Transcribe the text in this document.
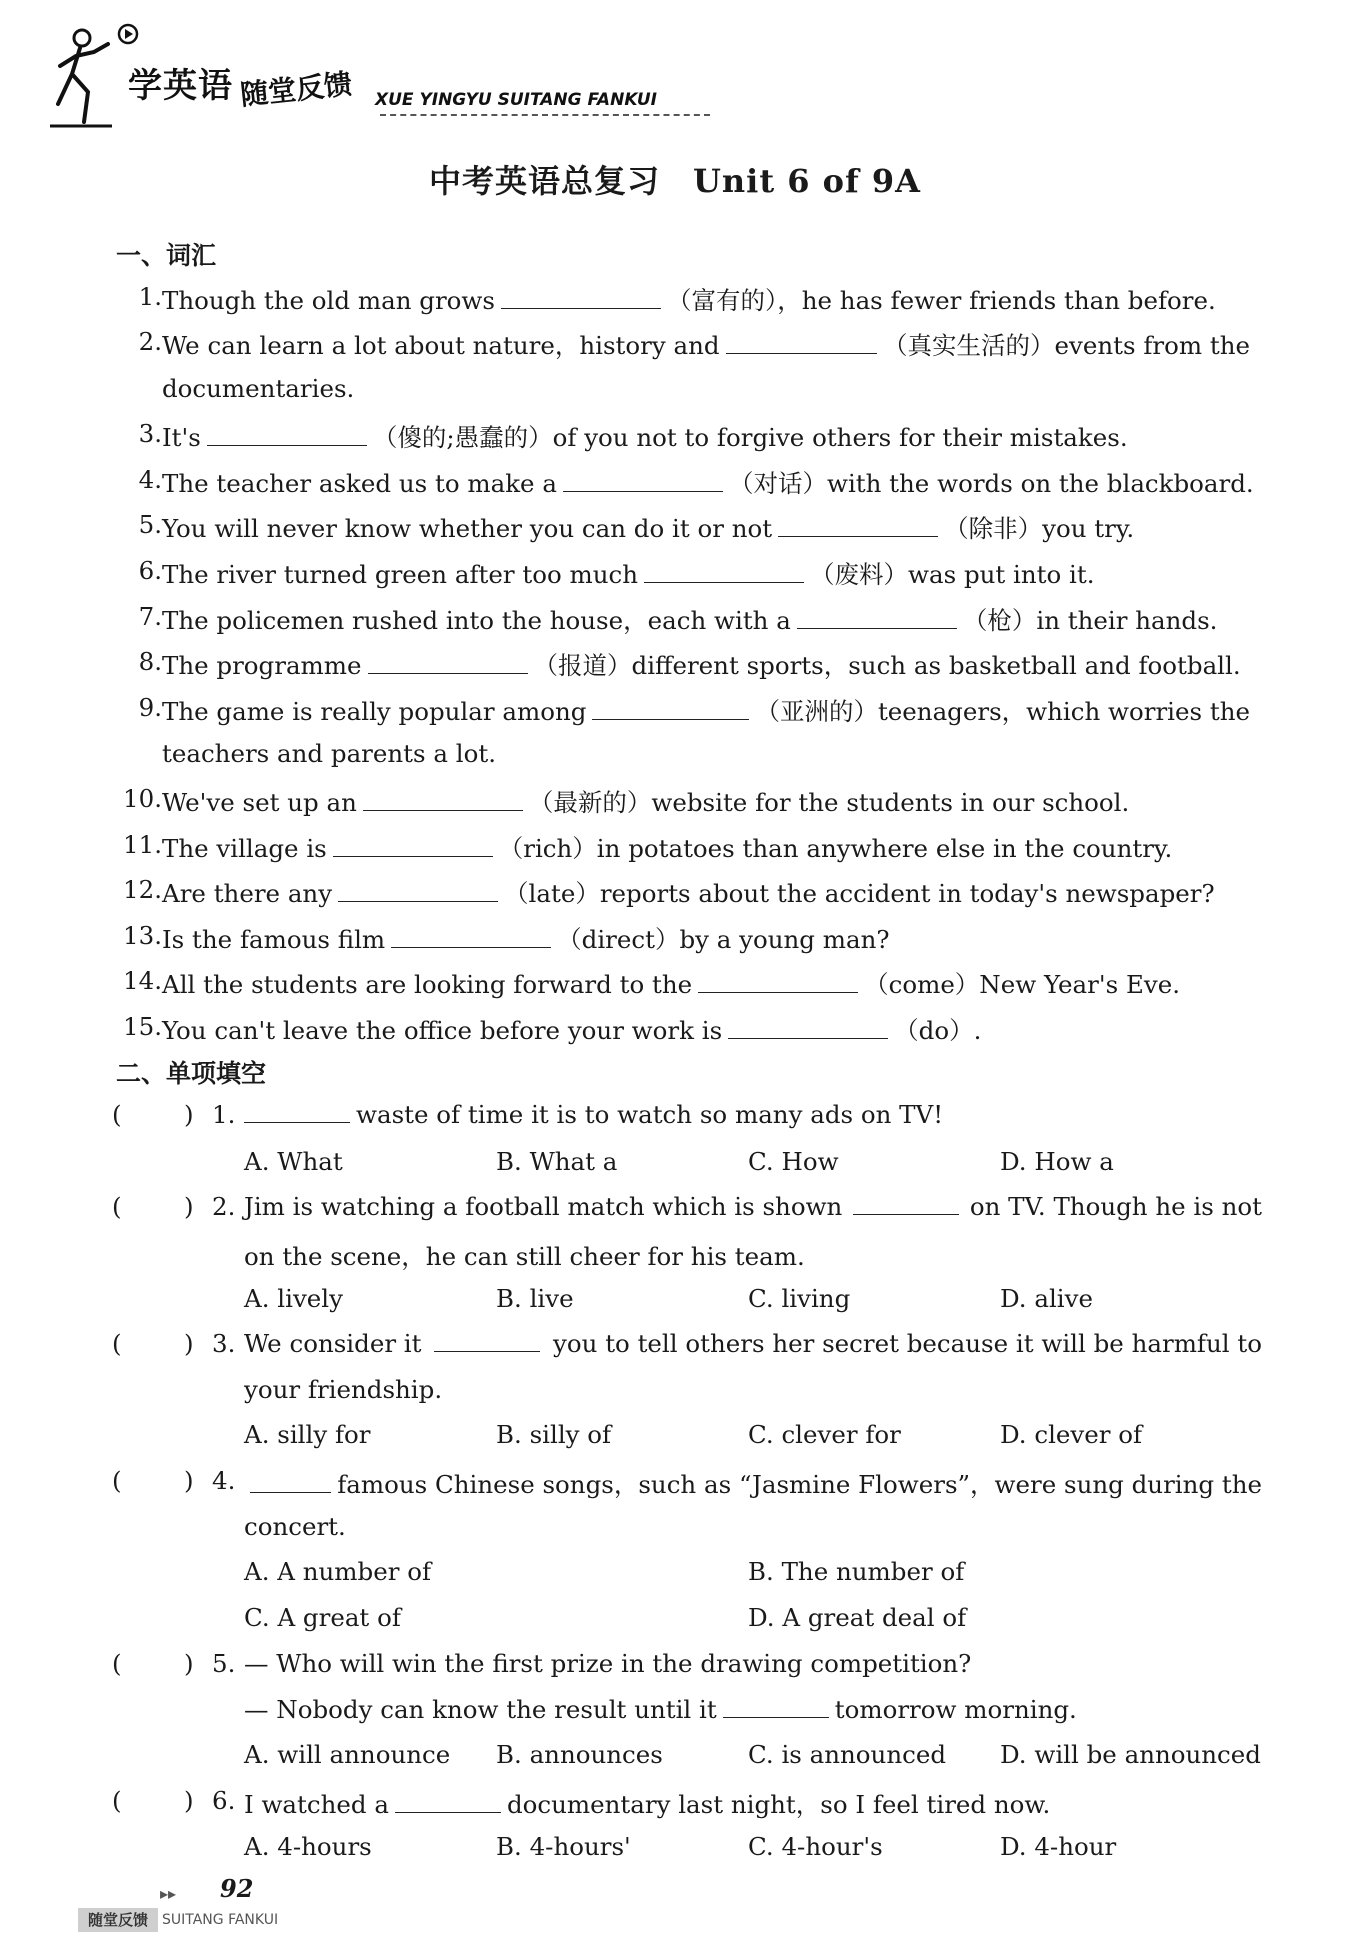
学英语 随堂反馈 XUE YINGYU SUITANG FANKUI
中考英语总复习　Unit 6 of 9A
一、词汇
1. Though the old man grows	（富有的），he has fewer friends than before.
2. We can learn a lot about nature，history and	（真实生活的）events from the
documentaries.
3. It's	（傻的;愚蠢的）of you not to forgive others for their mistakes.
4. The teacher asked us to make a	（对话）with the words on the blackboard.
5. You will never know whether you can do it or not	（除非）you try.
6. The river turned green after too much	（废料）was put into it.
7. The policemen rushed into the house，each with a	（枪）in their hands.
8. The programme	（报道）different sports，such as basketball and football.
9. The game is really popular among	（亚洲的）teenagers，which worries the
teachers and parents a lot.
10. We've set up an	（最新的）website for the students in our school.
11. The village is	（rich）in potatoes than anywhere else in the country.
12. Are there any	（late）reports about the accident in today's newspaper?
13. Is the famous film	（direct）by a young man?
14. All the students are looking forward to the	（come）New Year's Eve.
15. You can't leave the office before your work is	（do）.
二、单项填空
(	) 1.	waste of time it is to watch so many ads on TV!
A. What	B. What a	C. How	D. How a
(	) 2. Jim is watching a football match which is shown	on TV. Though he is not
on the scene，he can still cheer for his team.
A. lively	B. live	C. living	D. alive
(	) 3. We consider it	you to tell others her secret because it will be harmful to
your friendship.
A. silly for	B. silly of	C. clever for	D. clever of
(	) 4.	famous Chinese songs，such as “Jasmine Flowers”，were sung during the
concert.
A. A number of	B. The number of
C. A great of	D. A great deal of
(	) 5. — Who will win the first prize in the drawing competition?
— Nobody can know the result until it	tomorrow morning.
A. will announce B. announces	C. is announced D. will be announced
(	) 6. I watched a	documentary last night，so I feel tired now.
A. 4-hours	B. 4-hours'	C. 4-hour's	D. 4-hour
▸▸ 92
随堂反馈	SUITANG FANKUI
